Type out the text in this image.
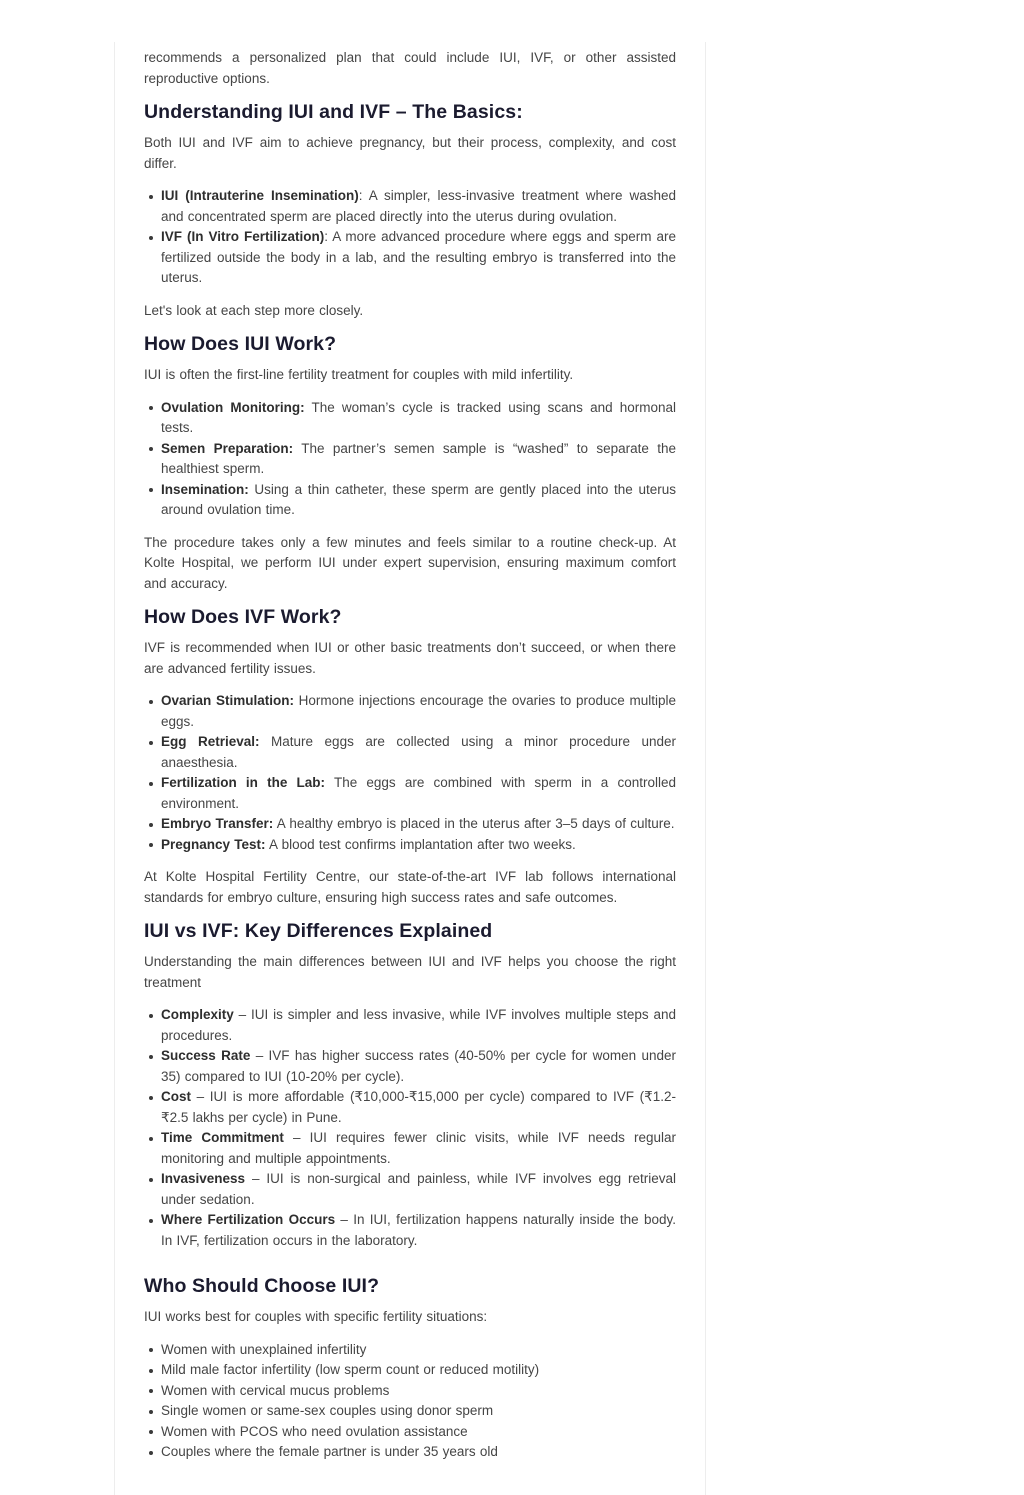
recommends a personalized plan that could include IUI, IVF, or other assisted reproductive options.

Understanding IUI and IVF – The Basics:

Both IUI and IVF aim to achieve pregnancy, but their process, complexity, and cost differ.

IUI (Intrauterine Insemination): A simpler, less-invasive treatment where washed and concentrated sperm are placed directly into the uterus during ovulation.
IVF (In Vitro Fertilization): A more advanced procedure where eggs and sperm are fertilized outside the body in a lab, and the resulting embryo is transferred into the uterus.

Let's look at each step more closely.

How Does IUI Work?

IUI is often the first-line fertility treatment for couples with mild infertility.

Ovulation Monitoring: The woman’s cycle is tracked using scans and hormonal tests.
Semen Preparation: The partner’s semen sample is “washed” to separate the healthiest sperm.
Insemination: Using a thin catheter, these sperm are gently placed into the uterus around ovulation time.

The procedure takes only a few minutes and feels similar to a routine check-up. At Kolte Hospital, we perform IUI under expert supervision, ensuring maximum comfort and accuracy.

How Does IVF Work?

IVF is recommended when IUI or other basic treatments don’t succeed, or when there are advanced fertility issues.

Ovarian Stimulation: Hormone injections encourage the ovaries to produce multiple eggs.
Egg Retrieval: Mature eggs are collected using a minor procedure under anaesthesia.
Fertilization in the Lab: The eggs are combined with sperm in a controlled environment.
Embryo Transfer: A healthy embryo is placed in the uterus after 3–5 days of culture.
Pregnancy Test: A blood test confirms implantation after two weeks.

At Kolte Hospital Fertility Centre, our state-of-the-art IVF lab follows international standards for embryo culture, ensuring high success rates and safe outcomes.

IUI vs IVF: Key Differences Explained

Understanding the main differences between IUI and IVF helps you choose the right treatment

Complexity – IUI is simpler and less invasive, while IVF involves multiple steps and procedures.
Success Rate – IVF has higher success rates (40-50% per cycle for women under 35) compared to IUI (10-20% per cycle).
Cost – IUI is more affordable (₹10,000-₹15,000 per cycle) compared to IVF (₹1.2-₹2.5 lakhs per cycle) in Pune.
Time Commitment – IUI requires fewer clinic visits, while IVF needs regular monitoring and multiple appointments.
Invasiveness – IUI is non-surgical and painless, while IVF involves egg retrieval under sedation.
Where Fertilization Occurs – In IUI, fertilization happens naturally inside the body. In IVF, fertilization occurs in the laboratory.
Who Should Choose IUI?

IUI works best for couples with specific fertility situations:

Women with unexplained infertility
Mild male factor infertility (low sperm count or reduced motility)
Women with cervical mucus problems
Single women or same-sex couples using donor sperm
Women with PCOS who need ovulation assistance
Couples where the female partner is under 35 years old
